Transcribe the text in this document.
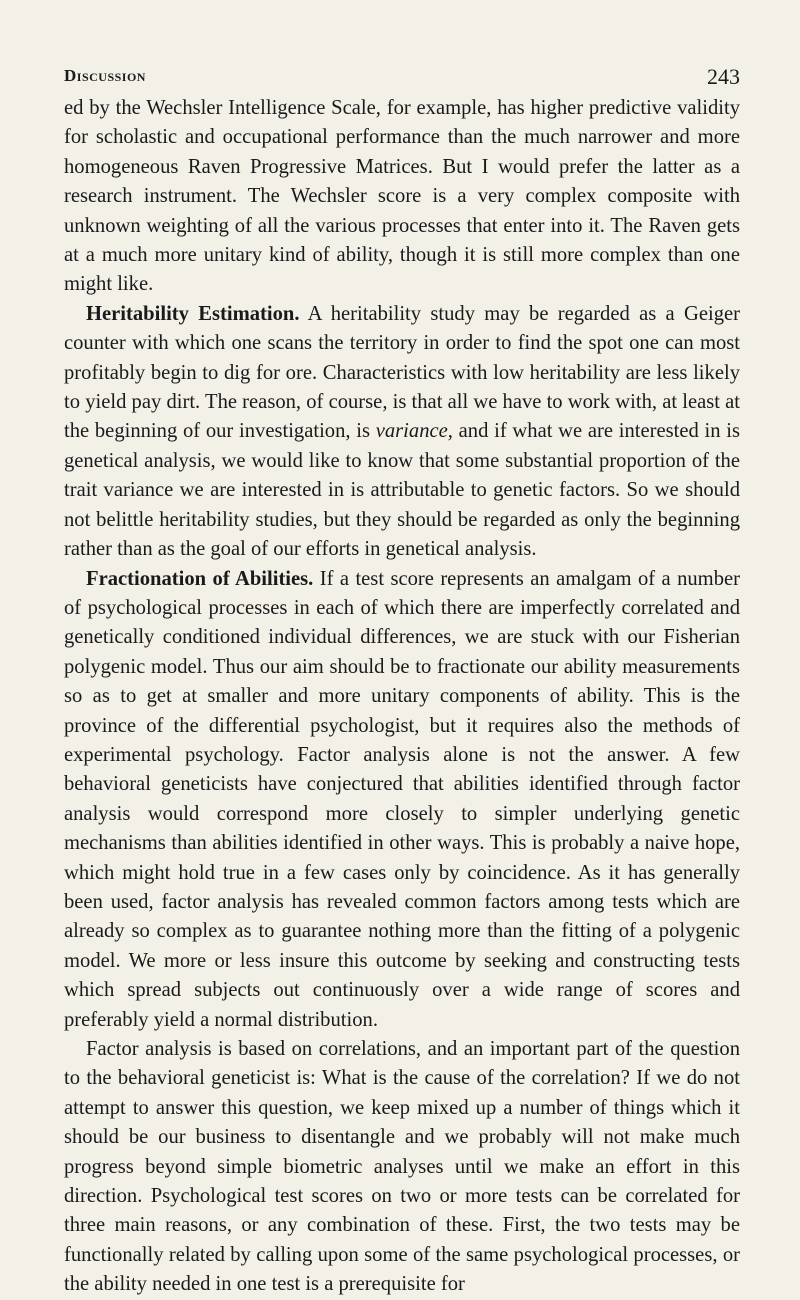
Discussion	243

ed by the Wechsler Intelligence Scale, for example, has higher predictive validity for scholastic and occupational performance than the much narrower and more homogeneous Raven Progressive Matrices. But I would prefer the latter as a research instrument. The Wechsler score is a very complex composite with unknown weighting of all the various processes that enter into it. The Raven gets at a much more unitary kind of ability, though it is still more complex than one might like.

Heritability Estimation. A heritability study may be regarded as a Geiger counter with which one scans the territory in order to find the spot one can most profitably begin to dig for ore. Characteristics with low heritability are less likely to yield pay dirt. The reason, of course, is that all we have to work with, at least at the beginning of our investigation, is variance, and if what we are interested in is genetical analysis, we would like to know that some substantial proportion of the trait variance we are interested in is attributable to genetic factors. So we should not belittle heritability studies, but they should be regarded as only the beginning rather than as the goal of our efforts in genetical analysis.

Fractionation of Abilities. If a test score represents an amalgam of a number of psychological processes in each of which there are imperfectly correlated and genetically conditioned individual differences, we are stuck with our Fisherian polygenic model. Thus our aim should be to fractionate our ability measurements so as to get at smaller and more unitary components of ability. This is the province of the differential psychologist, but it requires also the methods of experimental psychology. Factor analysis alone is not the answer. A few behavioral geneticists have conjectured that abilities identified through factor analysis would correspond more closely to simpler underlying genetic mechanisms than abilities identified in other ways. This is probably a naive hope, which might hold true in a few cases only by coincidence. As it has generally been used, factor analysis has revealed common factors among tests which are already so complex as to guarantee nothing more than the fitting of a polygenic model. We more or less insure this outcome by seeking and constructing tests which spread subjects out continuously over a wide range of scores and preferably yield a normal distribution.

Factor analysis is based on correlations, and an important part of the question to the behavioral geneticist is: What is the cause of the correlation? If we do not attempt to answer this question, we keep mixed up a number of things which it should be our business to disentangle and we probably will not make much progress beyond simple biometric analyses until we make an effort in this direction. Psychological test scores on two or more tests can be correlated for three main reasons, or any combination of these. First, the two tests may be functionally related by calling upon some of the same psychological processes, or the ability needed in one test is a prerequisite for
